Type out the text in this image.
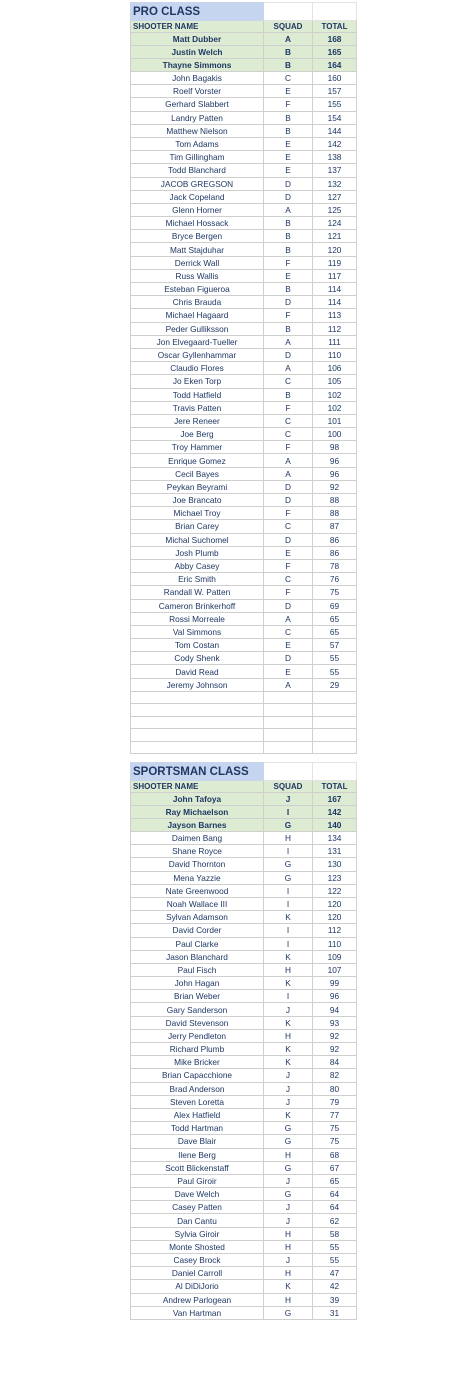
PRO CLASS		
SHOOTER NAME	SQUAD	TOTAL
Matt Dubber	A	168
Justin Welch	B	165
Thayne Simmons	B	164
John Bagakis	C	160
Roelf Vorster	E	157
Gerhard Slabbert	F	155
Landry Patten	B	154
Matthew Nielson	B	144
Tom Adams	E	142
Tim Gillingham	E	138
Todd Blanchard	E	137
JACOB GREGSON	D	132
Jack Copeland	D	127
Glenn Horner	A	125
Michael Hossack	B	124
Bryce Bergen	B	121
Matt Stajduhar	B	120
Derrick Wall	F	119
Russ Wallis	E	117
Esteban Figueroa	B	114
Chris Brauda	D	114
Michael Hagaard	F	113
Peder Gulliksson	B	112
Jon Elvegaard-Tueller	A	111
Oscar Gyllenhammar	D	110
Claudio Flores	A	106
Jo Eken Torp	C	105
Todd Hatfield	B	102
Travis Patten	F	102
Jere Reneer	C	101
Joe Berg	C	100
Troy Hammer	F	98
Enrique Gomez	A	96
Cecil Bayes	A	96
Peykan Beyrami	D	92
Joe Brancato	D	88
Michael Troy	F	88
Brian Carey	C	87
Michal Suchomel	D	86
Josh Plumb	E	86
Abby Casey	F	78
Eric Smith	C	76
Randall W. Patten	F	75
Cameron Brinkerhoff	D	69
Rossi Morreale	A	65
Val Simmons	C	65
Tom Costan	E	57
Cody Shenk	D	55
David Read	E	55
Jeremy Johnson	A	29

SPORTSMAN CLASS		
SHOOTER NAME	SQUAD	TOTAL
John Tafoya	J	167
Ray Michaelson	I	142
Jayson Barnes	G	140
Daimen Bang	H	134
Shane Royce	I	131
David Thornton	G	130
Mena Yazzie	G	123
Nate Greenwood	I	122
Noah Wallace III	I	120
Sylvan Adamson	K	120
David Corder	I	112
Paul Clarke	I	110
Jason Blanchard	K	109
Paul Fisch	H	107
John Hagan	K	99
Brian Weber	I	96
Gary Sanderson	J	94
David Stevenson	K	93
Jerry Pendleton	H	92
Richard Plumb	K	92
Mike Bricker	K	84
Brian Capacchione	J	82
Brad Anderson	J	80
Steven Loretta	J	79
Alex Hatfield	K	77
Todd Hartman	G	75
Dave Blair	G	75
Ilene Berg	H	68
Scott Blickenstaff	G	67
Paul Giroir	J	65
Dave Welch	G	64
Casey Patten	J	64
Dan Cantu	J	62
Sylvia Giroir	H	58
Monte Shosted	H	55
Casey Brock	J	55
Daniel Carroll	H	47
Al DiDiJorio	K	42
Andrew Parlogean	H	39
Van Hartman	G	31
